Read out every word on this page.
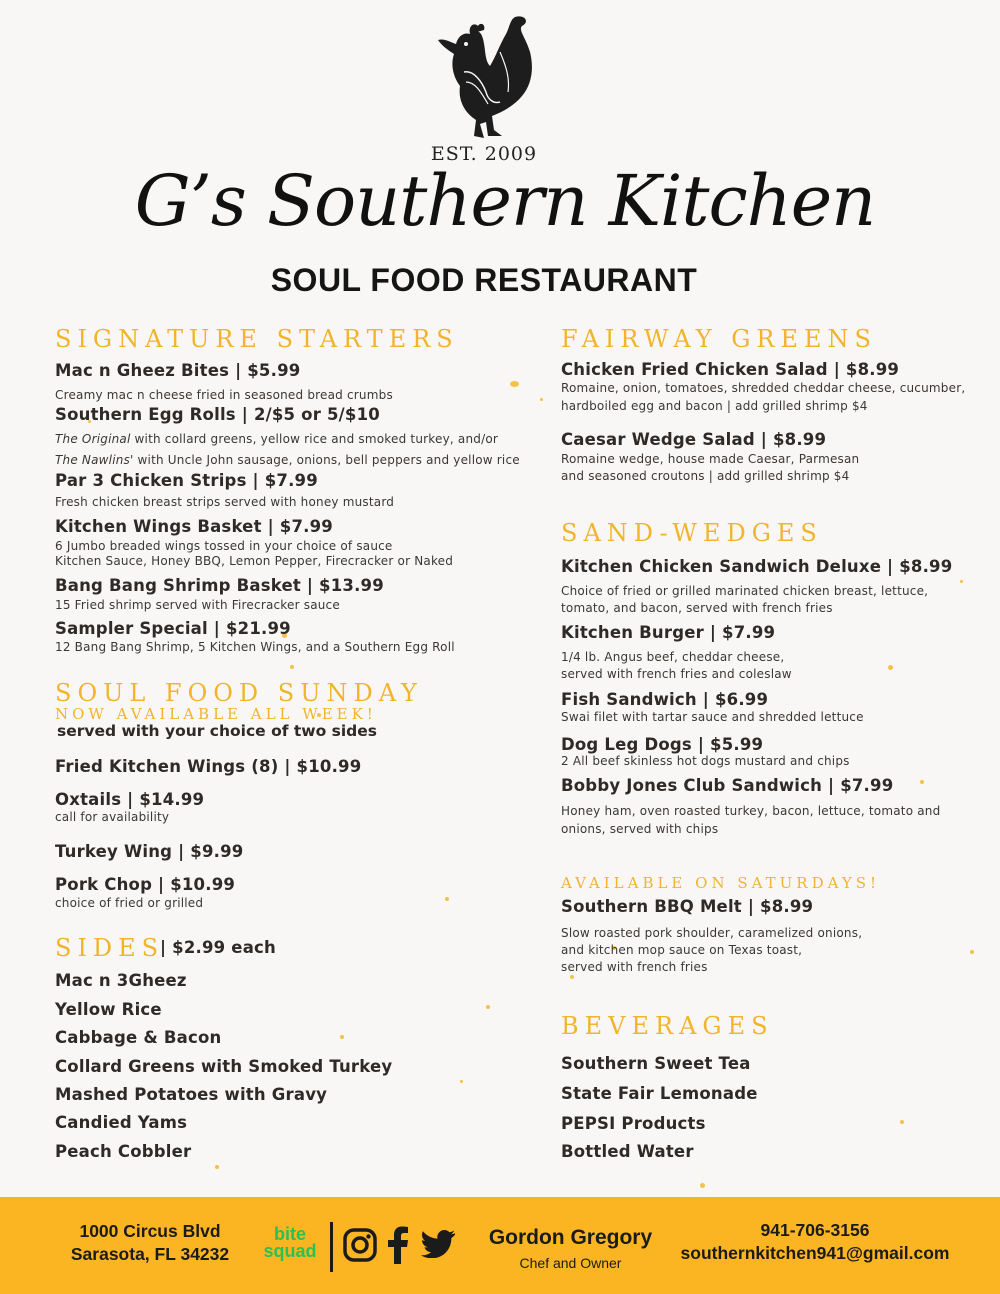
EST. 2009
G’s Southern Kitchen
SOUL FOOD RESTAURANT
SIGNATURE STARTERS
Mac n Gheez Bites | $5.99
Creamy mac n cheese fried in seasoned bread crumbs
Southern Egg Rolls | 2/$5 or 5/$10
The Original with collard greens, yellow rice and smoked turkey, and/or
The Nawlins' with Uncle John sausage, onions, bell peppers and yellow rice
Par 3 Chicken Strips | $7.99
Fresh chicken breast strips served with honey mustard
Kitchen Wings Basket | $7.99
6 Jumbo breaded wings tossed in your choice of sauce
Kitchen Sauce, Honey BBQ, Lemon Pepper, Firecracker or Naked
Bang Bang Shrimp Basket | $13.99
15 Fried shrimp served with Firecracker sauce
Sampler Special | $21.99
12 Bang Bang Shrimp, 5 Kitchen Wings, and a Southern Egg Roll
SOUL FOOD SUNDAY
NOW AVAILABLE ALL WEEK!
served with your choice of two sides
Fried Kitchen Wings (8) | $10.99
Oxtails | $14.99
call for availability
Turkey Wing | $9.99
Pork Chop | $10.99
choice of fried or grilled
SIDES
| $2.99 each
Mac n 3Gheez
Yellow Rice
Cabbage & Bacon
Collard Greens with Smoked Turkey
Mashed Potatoes with Gravy
Candied Yams
Peach Cobbler
FAIRWAY GREENS
Chicken Fried Chicken Salad | $8.99
Romaine, onion, tomatoes, shredded cheddar cheese, cucumber,
hardboiled egg and bacon | add grilled shrimp $4
Caesar Wedge Salad | $8.99
Romaine wedge, house made Caesar, Parmesan
and seasoned croutons | add grilled shrimp $4
SAND-WEDGES
Kitchen Chicken Sandwich Deluxe | $8.99
Choice of fried or grilled marinated chicken breast, lettuce,
tomato, and bacon, served with french fries
Kitchen Burger | $7.99
1/4 lb. Angus beef, cheddar cheese,
served with french fries and coleslaw
Fish Sandwich | $6.99
Swai filet with tartar sauce and shredded lettuce
Dog Leg Dogs | $5.99
2 All beef skinless hot dogs mustard and chips
Bobby Jones Club Sandwich | $7.99
Honey ham, oven roasted turkey, bacon, lettuce, tomato and
onions, served with chips
AVAILABLE ON SATURDAYS!
Southern BBQ Melt | $8.99
Slow roasted pork shoulder, caramelized onions,
and kitchen mop sauce on Texas toast,
served with french fries
BEVERAGES
Southern Sweet Tea
State Fair Lemonade
PEPSI Products
Bottled Water
1000 Circus Blvd
Sarasota, FL 34232
bite
squad
Gordon Gregory
Chef and Owner
941-706-3156
southernkitchen941@gmail.com
